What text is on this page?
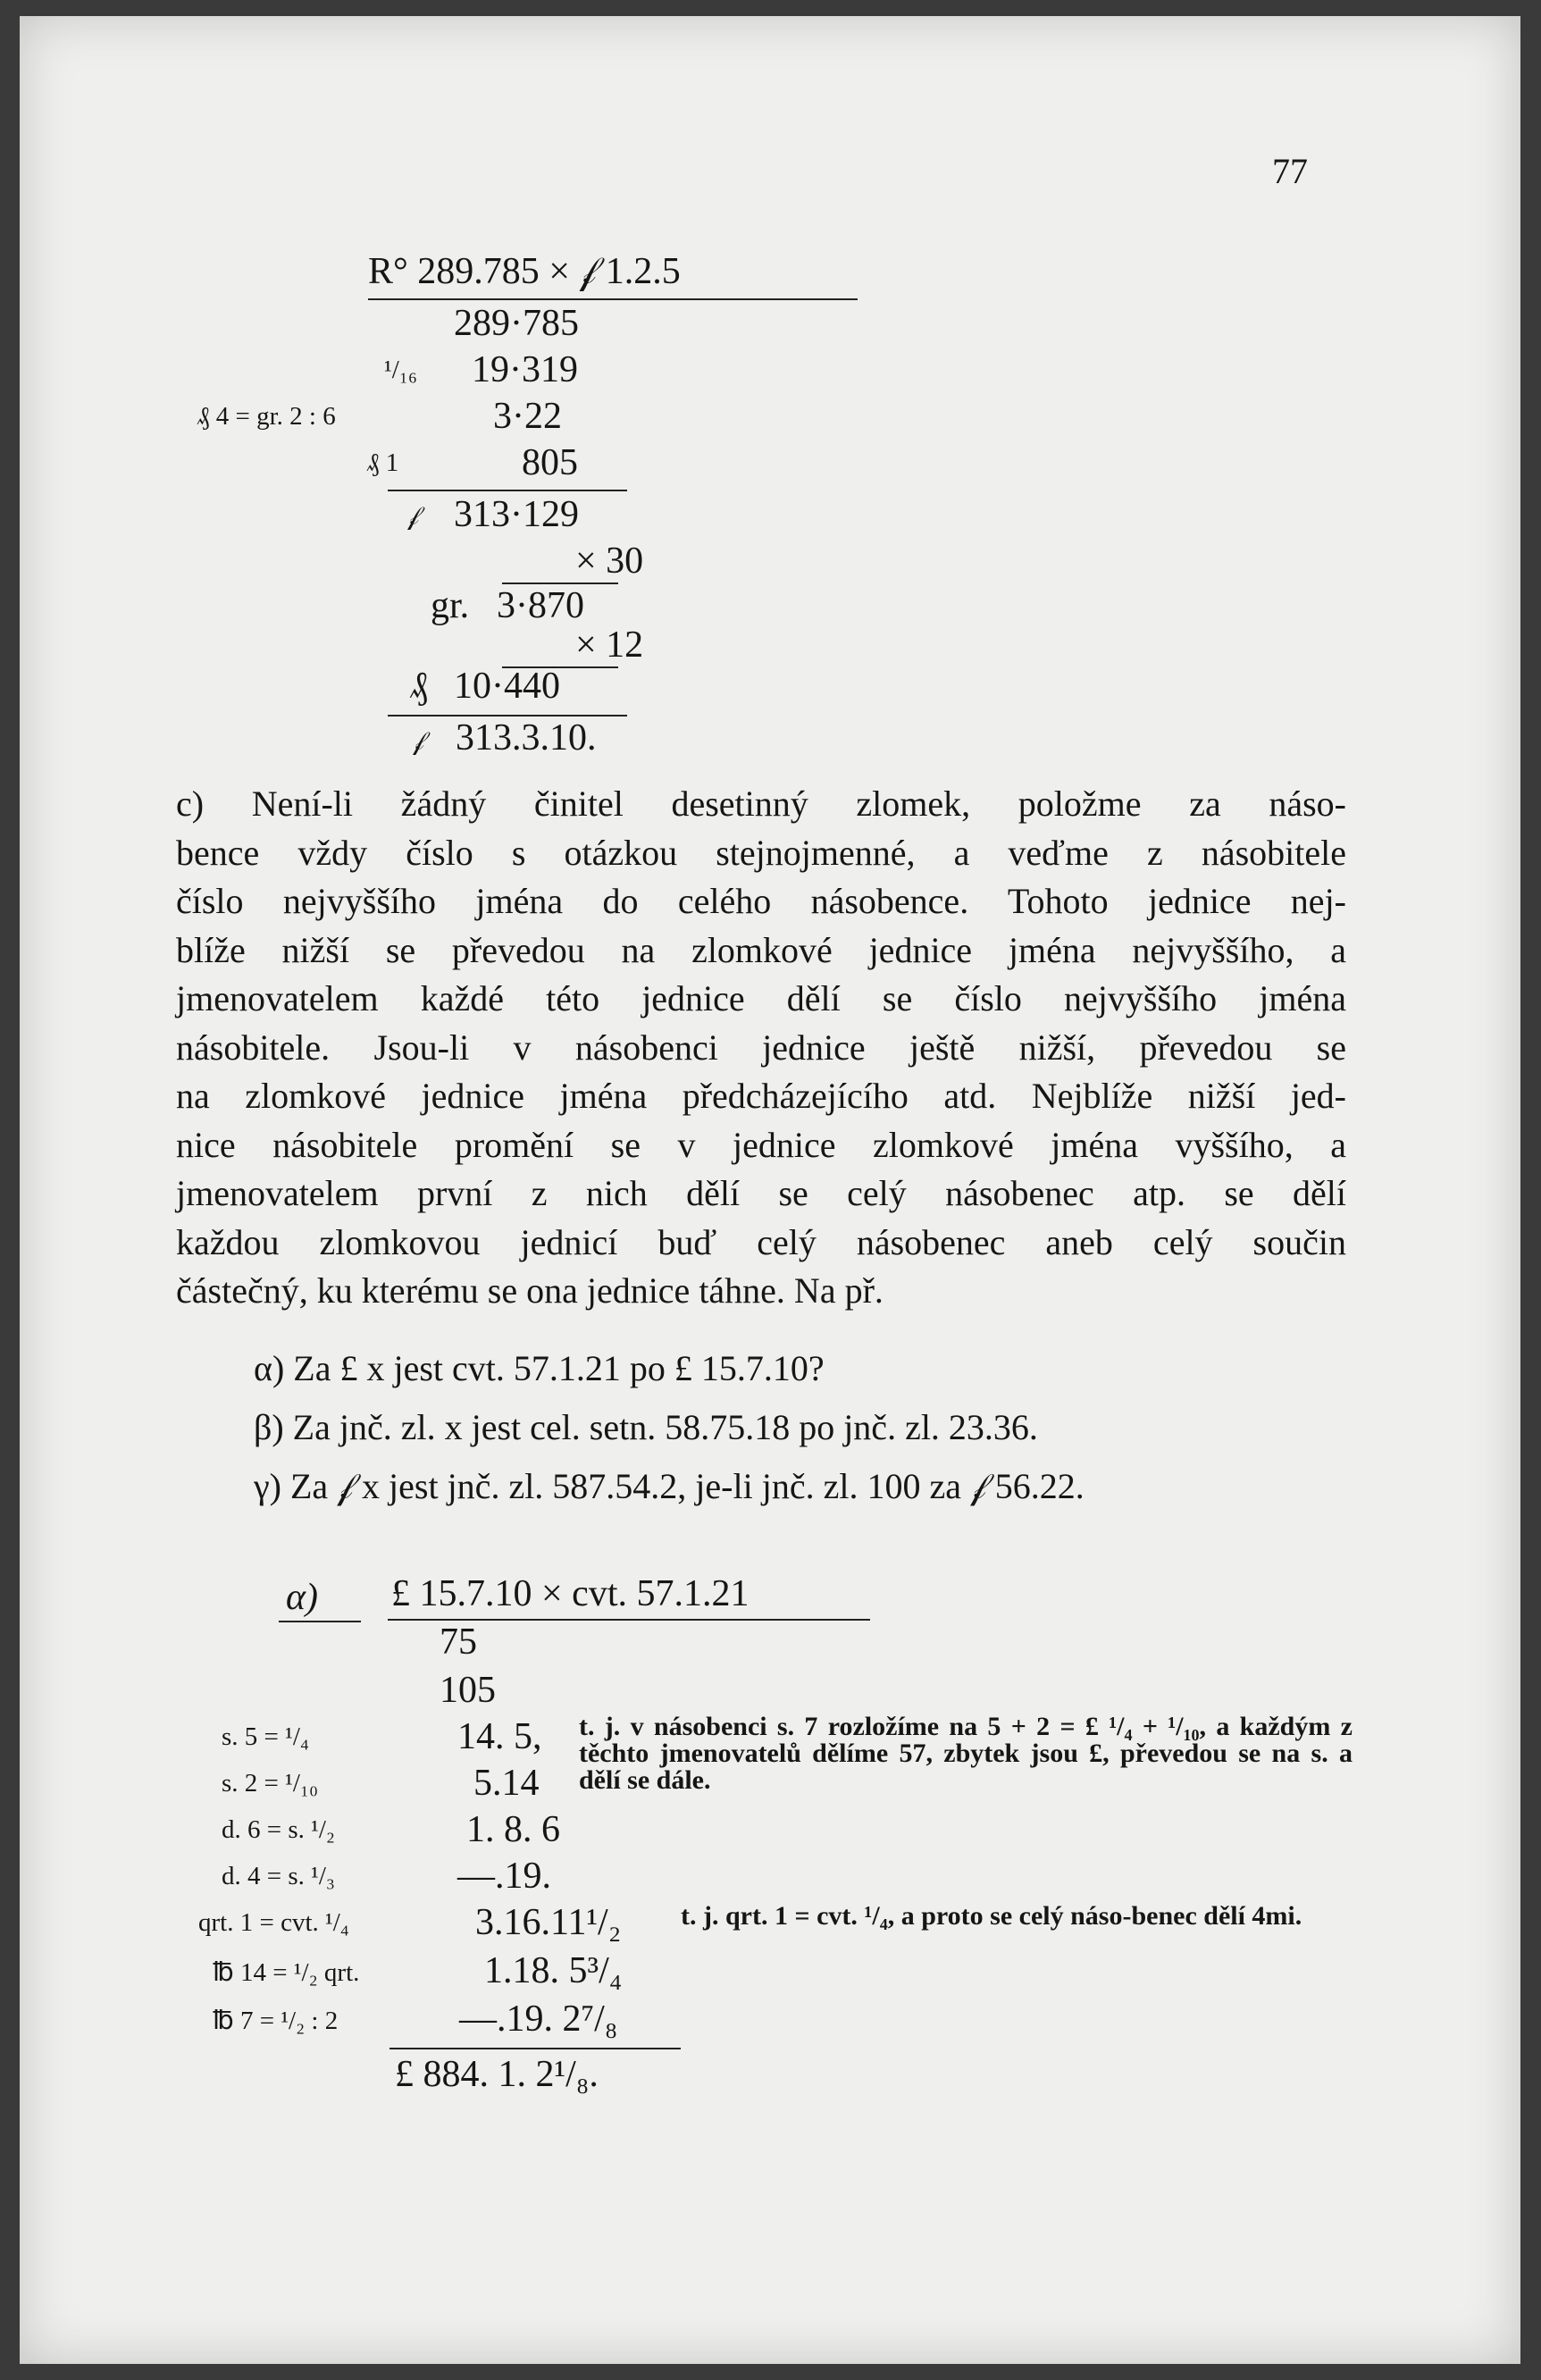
77
R° 289.785 × 𝒻 1.2.5
289·785
¹/₁₆ 19·319
₰ 4 = gr. 2 : 6	3·22
₰ 1	805
𝒻 313·129
× 30
gr. 3·870
× 12
₰ 10·440
𝒻 313.3.10.

c) Není-li žádný činitel desetinný zlomek, položme za náso-

bence vždy číslo s otázkou stejnojmenné, a veďme z násobitele

číslo nejvyššího jména do celého násobence. Tohoto jednice nej-

blíže nižší se převedou na zlomkové jednice jména nejvyššího, a

jmenovatelem každé této jednice dělí se číslo nejvyššího jména

násobitele. Jsou-li v násobenci jednice ještě nižší, převedou se

na zlomkové jednice jména předcházejícího atd. Nejblíže nižší jed-

nice násobitele promění se v jednice zlomkové jména vyššího, a

jmenovatelem první z nich dělí se celý násobenec atp. se dělí

každou zlomkovou jednicí buď celý násobenec aneb celý součin

částečný, ku kterému se ona jednice táhne. Na př.

α) Za £ x jest cvt. 57.1.21 po £ 15.7.10?
β) Za jnč. zl. x jest cel. setn. 58.75.18 po jnč. zl. 23.36.
γ) Za 𝒻 x jest jnč. zl. 587.54.2, je-li jnč. zl. 100 za 𝒻 56.22.
α) £ 15.7.10 × cvt. 57.1.21
75
105
s. 5 = ¹/₄	14. 5,
s. 2 = ¹/₁₀	5.14
d. 6 = s. ¹/₂	1. 8. 6
d. 4 = s. ¹/₃	—.19.
qrt. 1 = cvt. ¹/₄	3.16.11¹/₂
℔ 14 = ¹/₂ qrt.	1.18. 5³/₄
℔ 7 = ¹/₂ : 2	—.19. 2⁷/₈
£ 884. 1. 2¹/₈.
t. j. v násobenci s. 7 rozložíme na 5 + 2 = £ ¹/₄ + ¹/₁₀, a každým z těchto jmenovatelů dělíme 57, zbytek jsou £, převedou se na s. a dělí se dále.
t. j. qrt. 1 = cvt. ¹/₄, a proto se celý náso-benec dělí 4mi.
